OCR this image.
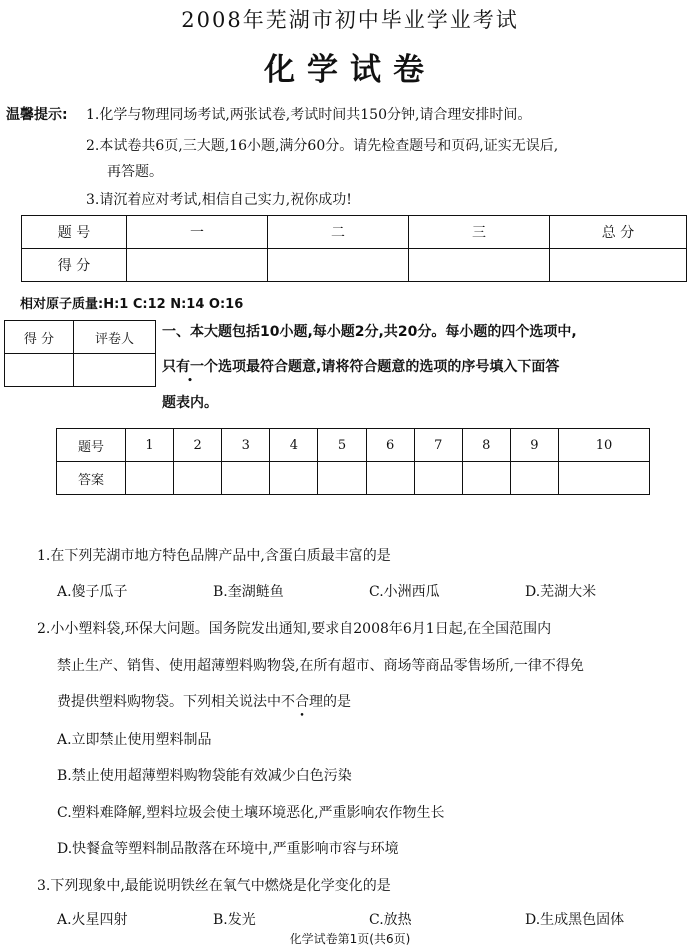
2008年芜湖市初中毕业学业考试
化学试卷
温馨提示: 1.化学与物理同场考试,两张试卷,考试时间共150分钟,请合理安排时间。
2.本试卷共6页,三大题,16小题,满分60分。请先检查题号和页码,证实无误后,
再答题。
3.请沉着应对考试,相信自己实力,祝你成功!
题 号	一	二	三	总 分
得 分				
相对原子质量:H:1 C:12 N:14 O:16
得 分	评卷人
	一、本大题包括10小题,每小题2分,共20分。每小题的四个选项中,
只有一个选项最符合题意,请将符合题意的选项的序号填入下面答
题表内。
题号	1	2	3	4	5	6	7	8	9	10
答案										
1.在下列芜湖市地方特色品牌产品中,含蛋白质最丰富的是
A.傻子瓜子	B.奎湖鲢鱼	C.小洲西瓜	D.芜湖大米
2.小小塑料袋,环保大问题。国务院发出通知,要求自2008年6月1日起,在全国范围内
禁止生产、销售、使用超薄塑料购物袋,在所有超市、商场等商品零售场所,一律不得免
费提供塑料购物袋。下列相关说法中不合理的是
A.立即禁止使用塑料制品
B.禁止使用超薄塑料购物袋能有效减少白色污染
C.塑料难降解,塑料垃圾会使土壤环境恶化,严重影响农作物生长
D.快餐盒等塑料制品散落在环境中,严重影响市容与环境
3.下列现象中,最能说明铁丝在氧气中燃烧是化学变化的是
A.火星四射	B.发光	C.放热	D.生成黑色固体
化学试卷第1页(共6页)
